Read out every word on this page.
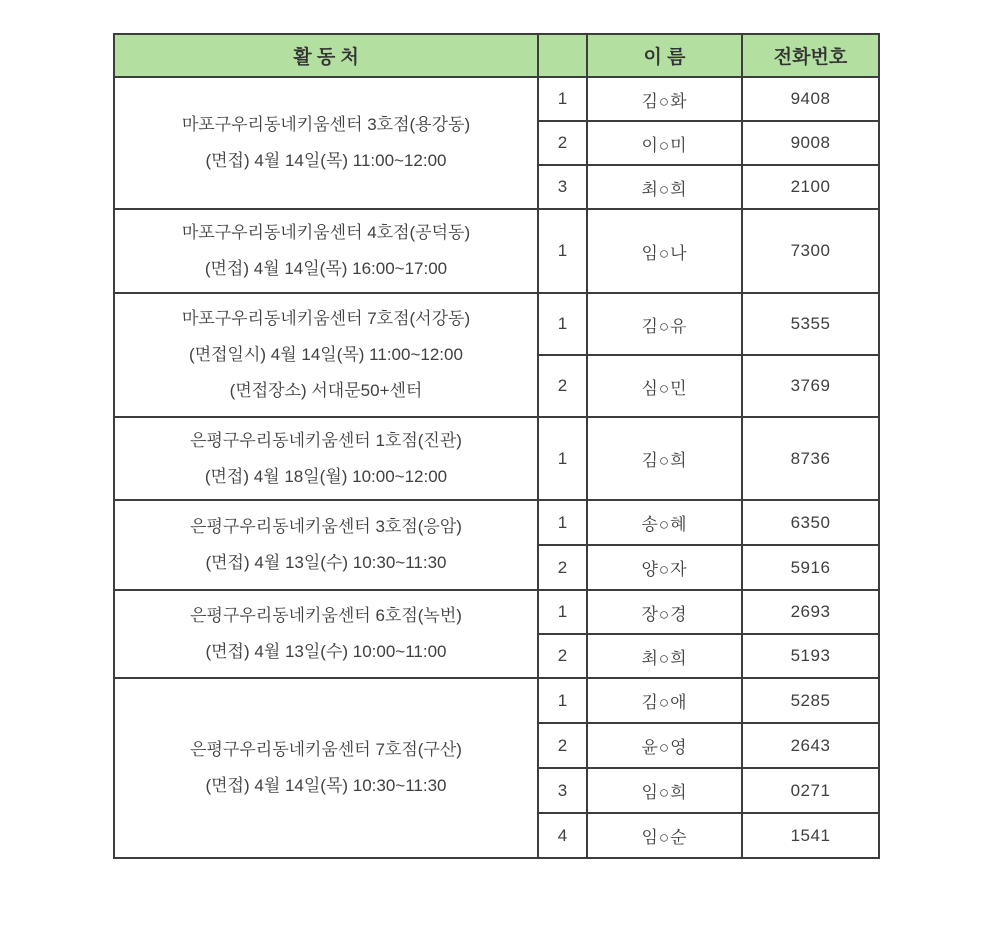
활 동 처		이 름	전화번호

마포구우리동네키움센터 3호점(용강동)
(면접) 4월 14일(목) 11:00~12:00	1	김○화	9408
	2	이○미	9008
	3	최○희	2100

마포구우리동네키움센터 4호점(공덕동)
(면접) 4월 14일(목) 16:00~17:00	1	임○나	7300

마포구우리동네키움센터 7호점(서강동)
(면접일시) 4월 14일(목) 11:00~12:00
(면접장소) 서대문50+센터	1	김○유	5355
	2	심○민	3769

은평구우리동네키움센터 1호점(진관)
(면접) 4월 18일(월) 10:00~12:00	1	김○희	8736

은평구우리동네키움센터 3호점(응암)
(면접) 4월 13일(수) 10:30~11:30	1	송○혜	6350
	2	양○자	5916

은평구우리동네키움센터 6호점(녹번)
(면접) 4월 13일(수) 10:00~11:00	1	장○경	2693
	2	최○희	5193

은평구우리동네키움센터 7호점(구산)
(면접) 4월 14일(목) 10:30~11:30	1	김○애	5285
	2	윤○영	2643
	3	임○희	0271
	4	임○순	1541
